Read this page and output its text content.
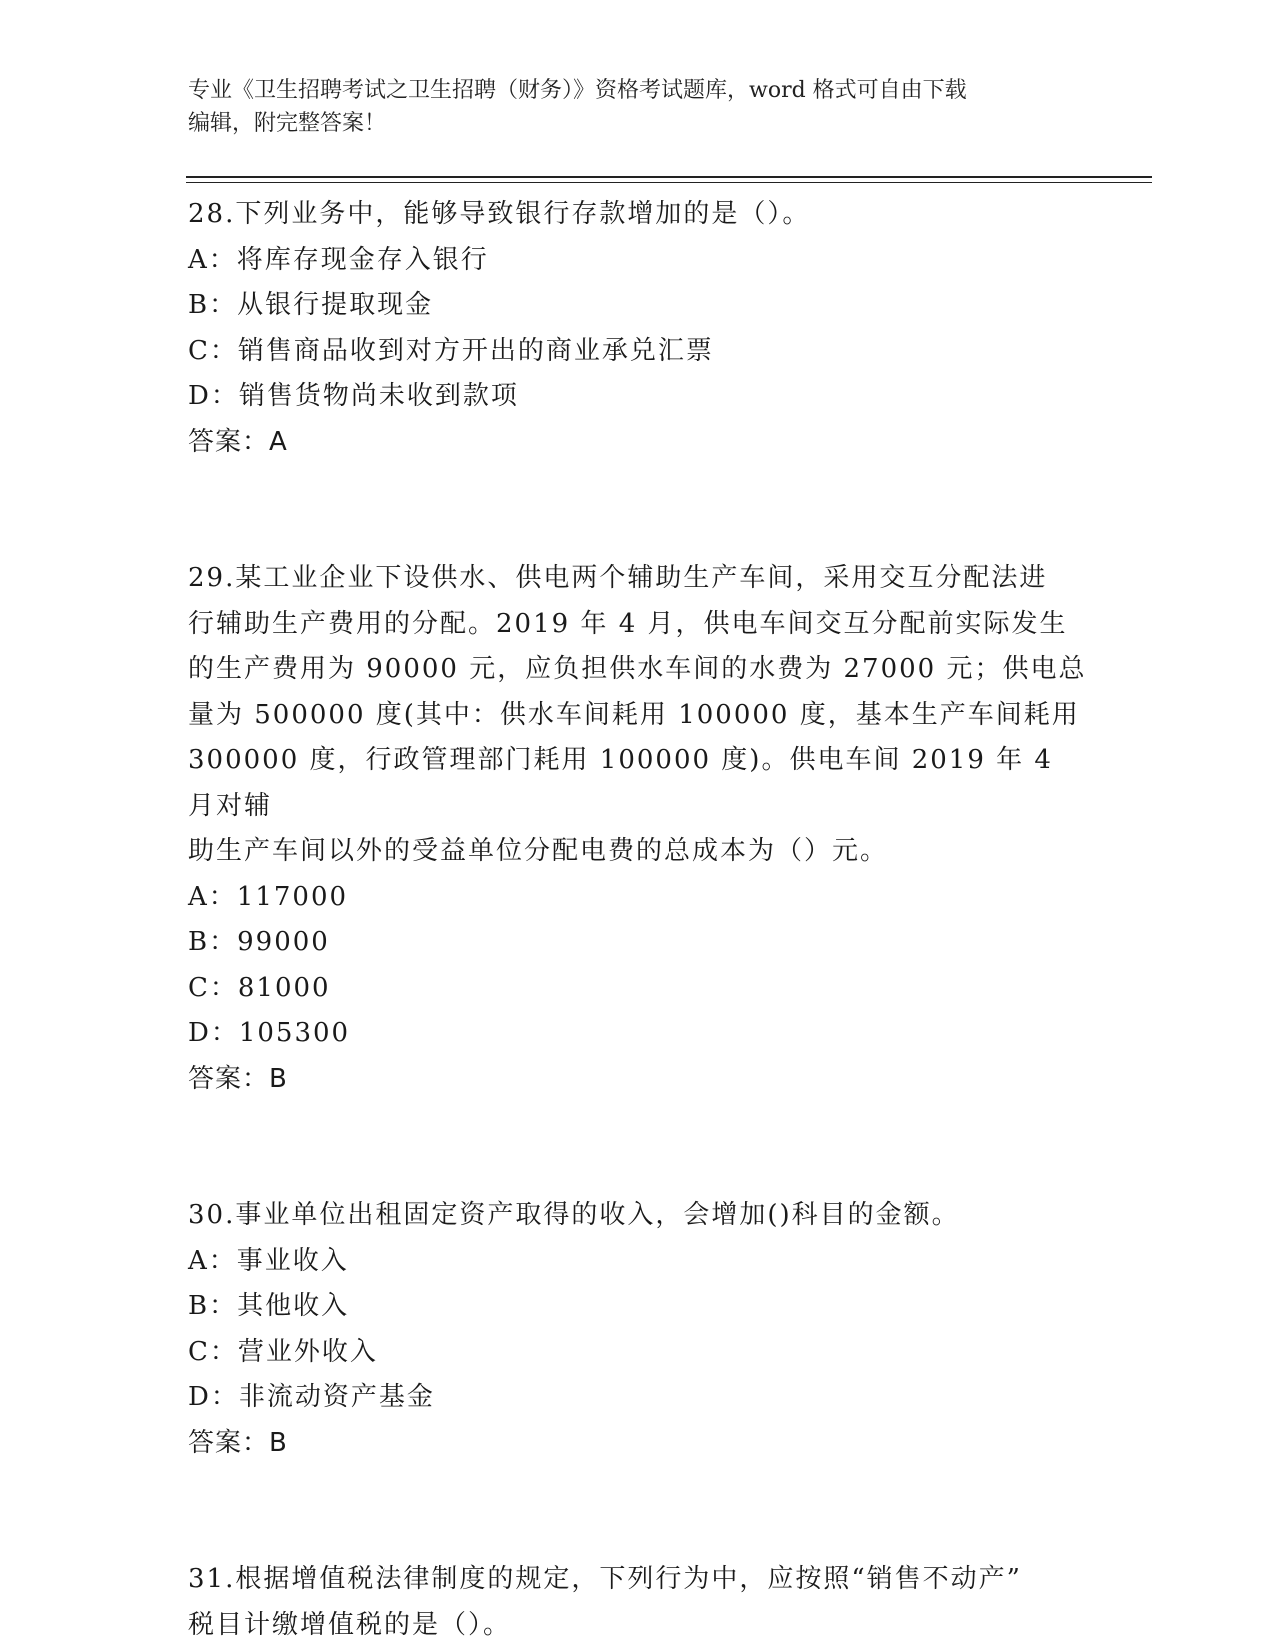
专业《卫生招聘考试之卫生招聘（财务）》资格考试题库，word 格式可自由下载
编辑，附完整答案！
28.下列业务中，能够导致银行存款增加的是（）。
A：将库存现金存入银行
B：从银行提取现金
C：销售商品收到对方开出的商业承兑汇票
D：销售货物尚未收到款项
答案：A
29.某工业企业下设供水、供电两个辅助生产车间，采用交互分配法进
行辅助生产费用的分配。2019 年 4 月，供电车间交互分配前实际发生
的生产费用为 90000 元，应负担供水车间的水费为 27000 元；供电总
量为 500000 度(其中：供水车间耗用 100000 度，基本生产车间耗用
300000 度，行政管理部门耗用 100000 度)。供电车间 2019 年 4 月对辅
助生产车间以外的受益单位分配电费的总成本为（）元。
A：117000
B：99000
C：81000
D：105300
答案：B
30.事业单位出租固定资产取得的收入，会增加()科目的金额。
A：事业收入
B：其他收入
C：营业外收入
D：非流动资产基金
答案：B
31.根据增值税法律制度的规定，下列行为中，应按照“销售不动产”
税目计缴增值税的是（）。
